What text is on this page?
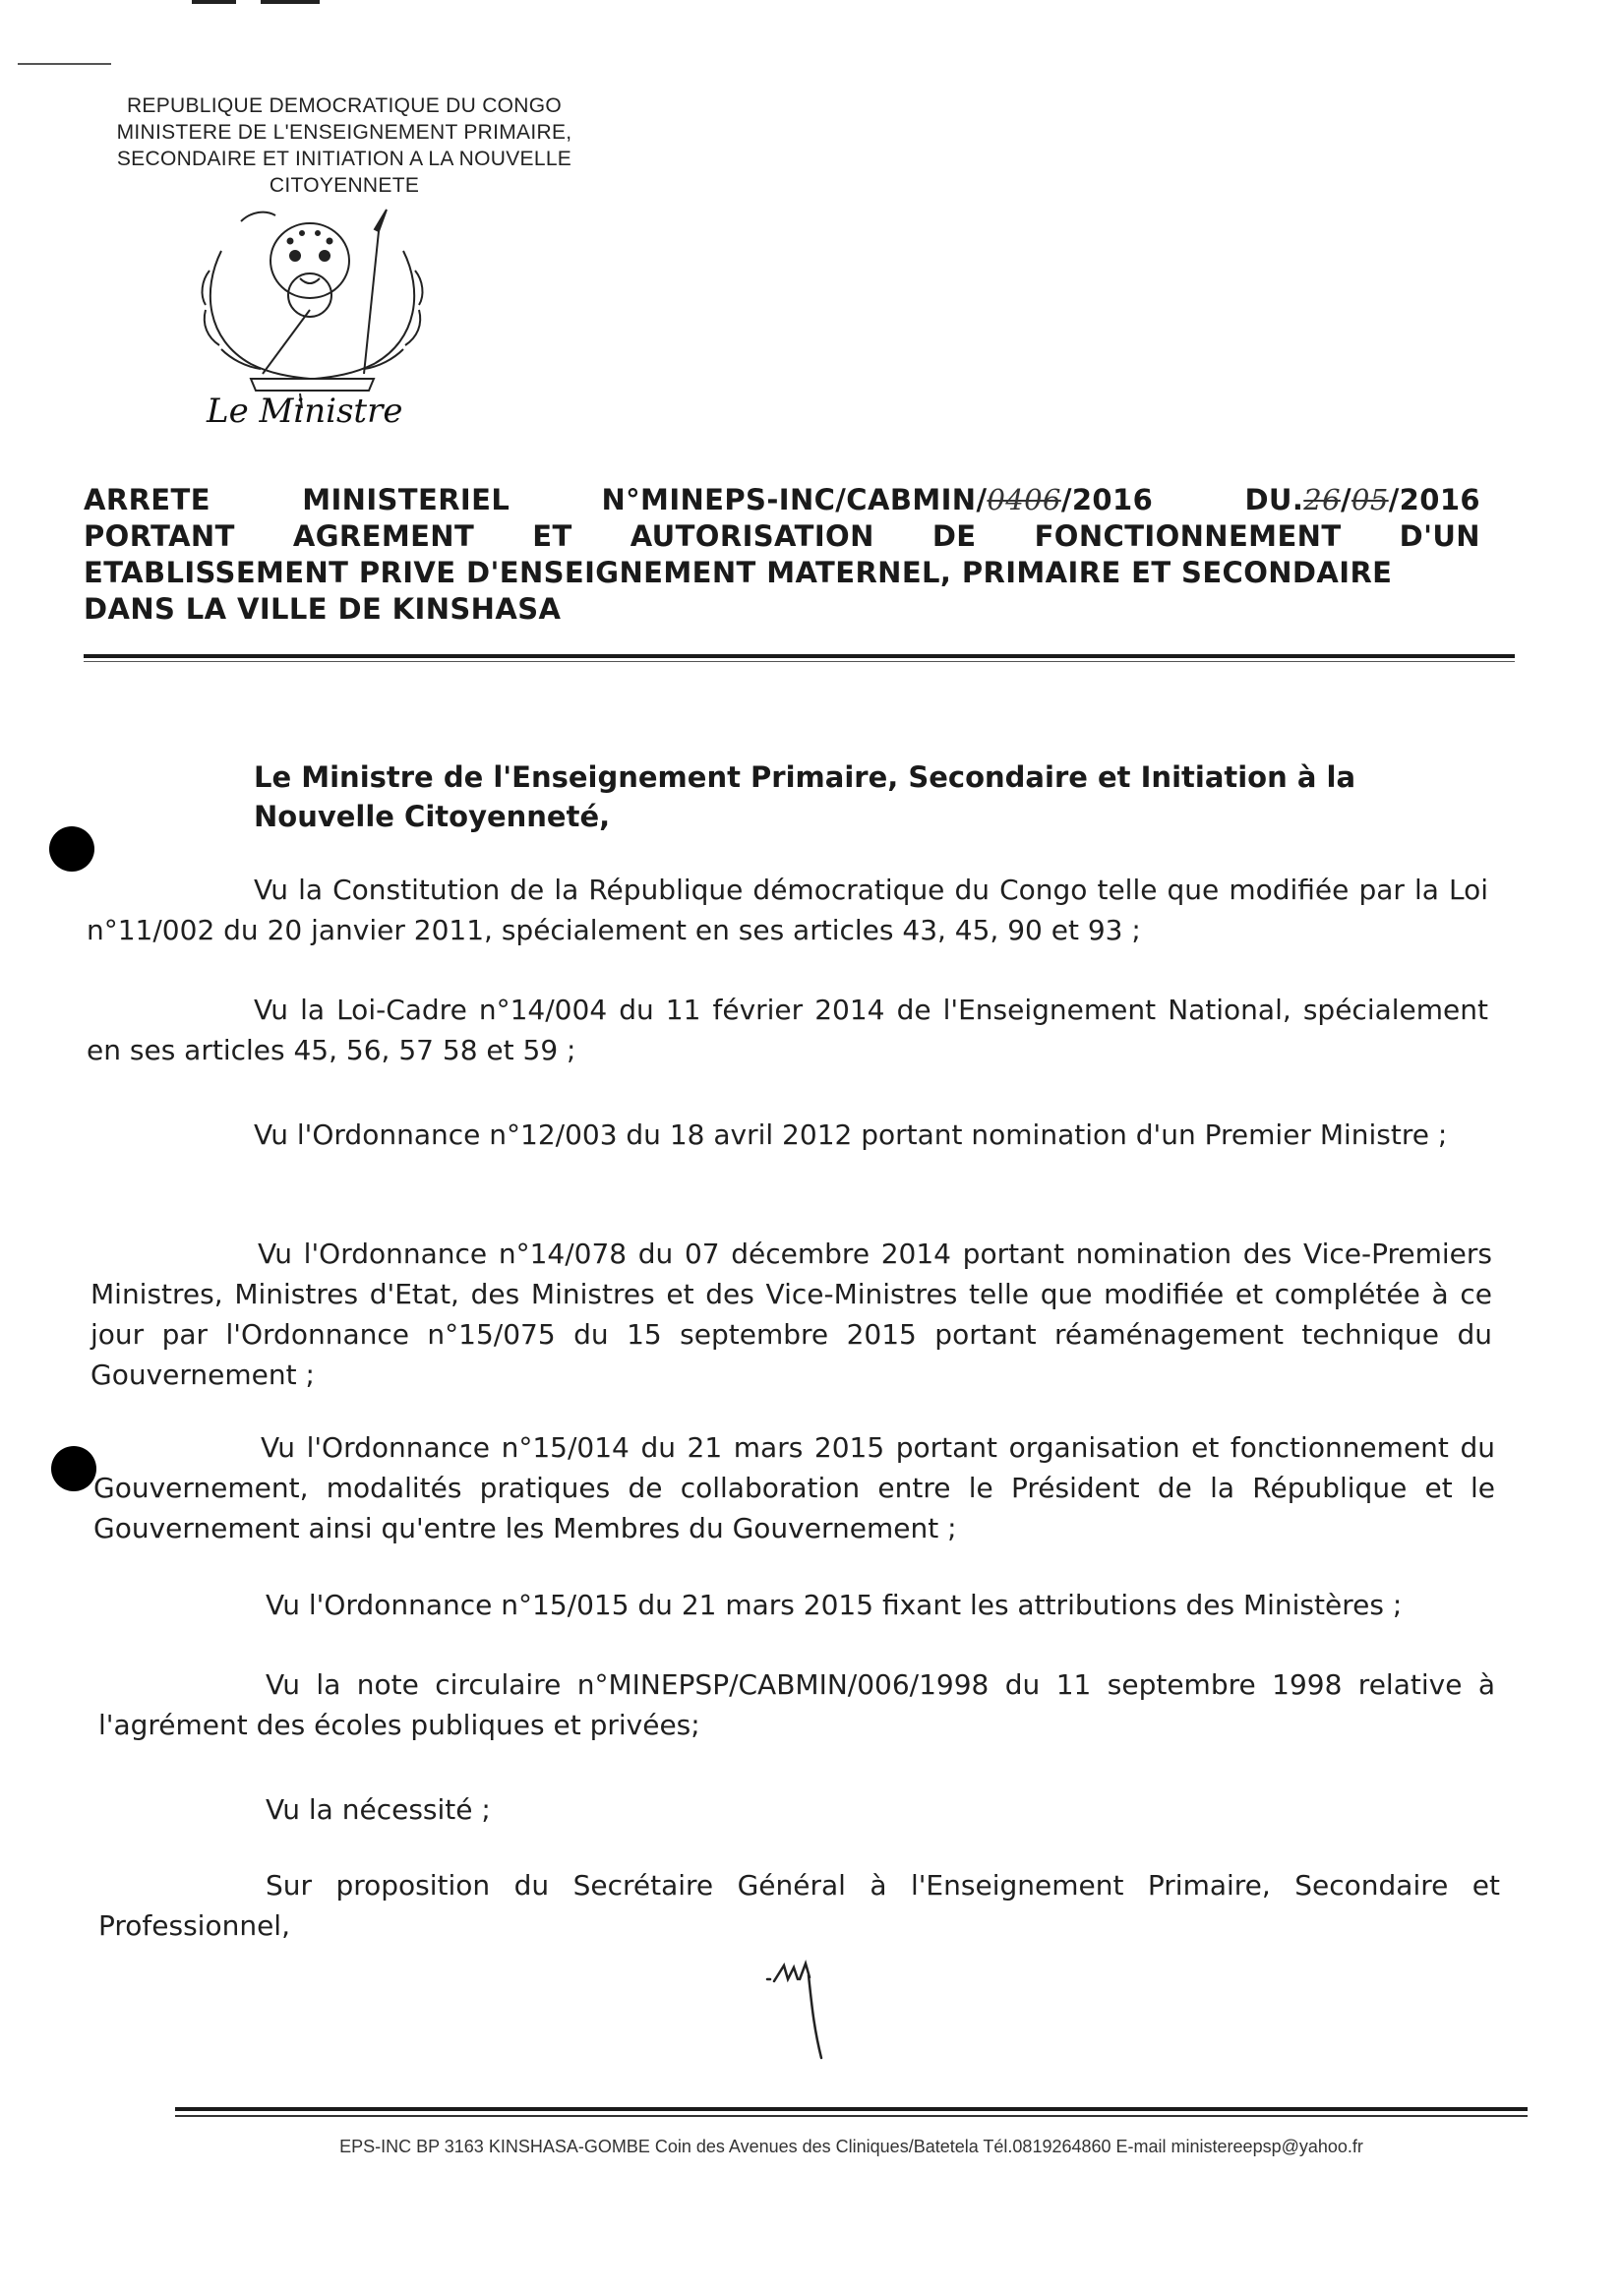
REPUBLIQUE DEMOCRATIQUE DU CONGO
MINISTERE DE L'ENSEIGNEMENT PRIMAIRE,
SECONDAIRE ET INITIATION A LA NOUVELLE
CITOYENNETE
Le Ministre
ARRETE	MINISTERIEL	N°MINEPS-INC/CABMIN/0406/2016	DU.26/05/2016
PORTANT AGREMENT ET AUTORISATION DE FONCTIONNEMENT D'UN
ETABLISSEMENT PRIVE D'ENSEIGNEMENT MATERNEL, PRIMAIRE ET SECONDAIRE
DANS LA VILLE DE KINSHASA
Le Ministre de l'Enseignement Primaire, Secondaire et Initiation à la
Nouvelle Citoyenneté,
Vu la Constitution de la République démocratique du Congo telle que modifiée par la Loi n°11/002 du 20 janvier 2011, spécialement en ses articles 43, 45, 90 et 93 ;
Vu la Loi-Cadre n°14/004 du 11 février 2014 de l'Enseignement National, spécialement en ses articles 45, 56, 57 58 et 59 ;
Vu l'Ordonnance n°12/003 du 18 avril 2012 portant nomination d'un Premier Ministre ;
Vu l'Ordonnance n°14/078 du 07 décembre 2014 portant nomination des Vice-Premiers Ministres, Ministres d'Etat, des Ministres et des Vice-Ministres telle que modifiée et complétée à ce jour par l'Ordonnance n°15/075 du 15 septembre 2015 portant réaménagement technique du Gouvernement ;
Vu l'Ordonnance n°15/014 du 21 mars 2015 portant organisation et fonctionnement du Gouvernement, modalités pratiques de collaboration entre le Président de la République et le Gouvernement ainsi qu'entre les Membres du Gouvernement ;
Vu l'Ordonnance n°15/015 du 21 mars 2015 fixant les attributions des Ministères ;
Vu la note circulaire n°MINEPSP/CABMIN/006/1998 du 11 septembre 1998 relative à l'agrément des écoles publiques et privées;
Vu la nécessité ;
Sur proposition du Secrétaire Général à l'Enseignement Primaire, Secondaire et Professionnel,
EPS-INC BP 3163 KINSHASA-GOMBE Coin des Avenues des Cliniques/Batetela Tél.0819264860 E-mail ministereepsp@yahoo.fr
